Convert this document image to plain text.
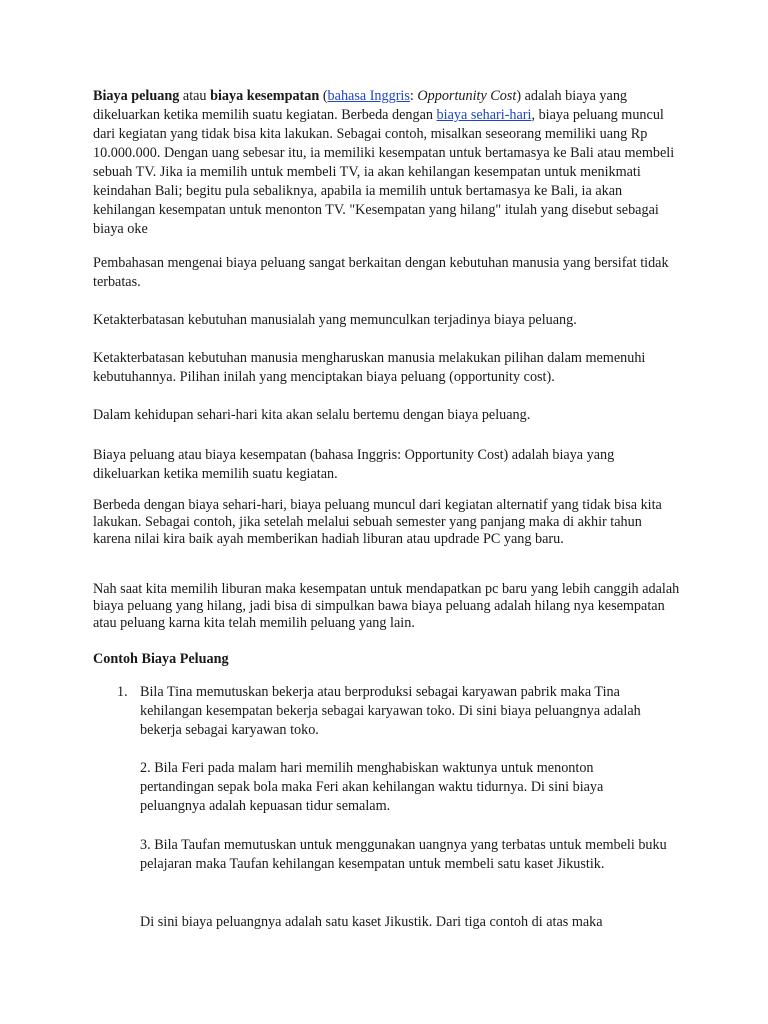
Biaya peluang atau biaya kesempatan (bahasa Inggris: Opportunity Cost) adalah biaya yang dikeluarkan ketika memilih suatu kegiatan. Berbeda dengan biaya sehari-hari, biaya peluang muncul dari kegiatan yang tidak bisa kita lakukan. Sebagai contoh, misalkan seseorang memiliki uang Rp 10.000.000. Dengan uang sebesar itu, ia memiliki kesempatan untuk bertamasya ke Bali atau membeli sebuah TV. Jika ia memilih untuk membeli TV, ia akan kehilangan kesempatan untuk menikmati keindahan Bali; begitu pula sebaliknya, apabila ia memilih untuk bertamasya ke Bali, ia akan kehilangan kesempatan untuk menonton TV. "Kesempatan yang hilang" itulah yang disebut sebagai biaya oke

Pembahasan mengenai biaya peluang sangat berkaitan dengan kebutuhan manusia yang bersifat tidak terbatas.

Ketakterbatasan kebutuhan manusialah yang memunculkan terjadinya biaya peluang.

Ketakterbatasan kebutuhan manusia mengharuskan manusia melakukan pilihan dalam memenuhi kebutuhannya. Pilihan inilah yang menciptakan biaya peluang (opportunity cost).

Dalam kehidupan sehari-hari kita akan selalu bertemu dengan biaya peluang.

Biaya peluang atau biaya kesempatan (bahasa Inggris: Opportunity Cost) adalah biaya yang dikeluarkan ketika memilih suatu kegiatan.

Berbeda dengan biaya sehari-hari, biaya peluang muncul dari kegiatan alternatif yang tidak bisa kita lakukan. Sebagai contoh, jika setelah melalui sebuah semester yang panjang maka di akhir tahun karena nilai kira baik ayah memberikan hadiah liburan atau updrade PC yang baru.

Nah saat kita memilih liburan maka kesempatan untuk mendapatkan pc baru yang lebih canggih adalah biaya peluang yang hilang, jadi bisa di simpulkan bawa biaya peluang adalah hilang nya kesempatan atau peluang karna kita telah memilih peluang yang lain.

Contoh Biaya Peluang

1. Bila Tina memutuskan bekerja atau berproduksi sebagai karyawan pabrik maka Tina kehilangan kesempatan bekerja sebagai karyawan toko. Di sini biaya peluangnya adalah bekerja sebagai karyawan toko.

2. Bila Feri pada malam hari memilih menghabiskan waktunya untuk menonton pertandingan sepak bola maka Feri akan kehilangan waktu tidurnya. Di sini biaya peluangnya adalah kepuasan tidur semalam.

3. Bila Taufan memutuskan untuk menggunakan uangnya yang terbatas untuk membeli buku pelajaran maka Taufan kehilangan kesempatan untuk membeli satu kaset Jikustik.

Di sini biaya peluangnya adalah satu kaset Jikustik. Dari tiga contoh di atas maka
